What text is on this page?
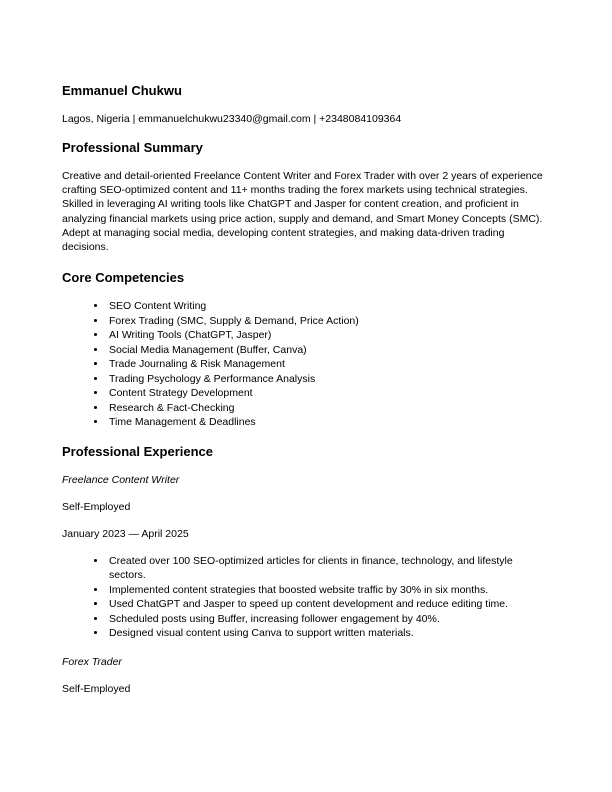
Emmanuel Chukwu

Lagos, Nigeria | emmanuelchukwu23340@gmail.com | +2348084109364

Professional Summary

Creative and detail-oriented Freelance Content Writer and Forex Trader with over 2 years of experience crafting SEO-optimized content and 11+ months trading the forex markets using technical strategies. Skilled in leveraging AI writing tools like ChatGPT and Jasper for content creation, and proficient in analyzing financial markets using price action, supply and demand, and Smart Money Concepts (SMC). Adept at managing social media, developing content strategies, and making data-driven trading decisions.

Core Competencies
• SEO Content Writing
• Forex Trading (SMC, Supply & Demand, Price Action)
• AI Writing Tools (ChatGPT, Jasper)
• Social Media Management (Buffer, Canva)
• Trade Journaling & Risk Management
• Trading Psychology & Performance Analysis
• Content Strategy Development
• Research & Fact-Checking
• Time Management & Deadlines
Professional Experience

Freelance Content Writer

Self-Employed

January 2023 — April 2025

• Created over 100 SEO-optimized articles for clients in finance, technology, and lifestyle sectors.
• Implemented content strategies that boosted website traffic by 30% in six months.
• Used ChatGPT and Jasper to speed up content development and reduce editing time.
• Scheduled posts using Buffer, increasing follower engagement by 40%.
• Designed visual content using Canva to support written materials.

Forex Trader

Self-Employed
